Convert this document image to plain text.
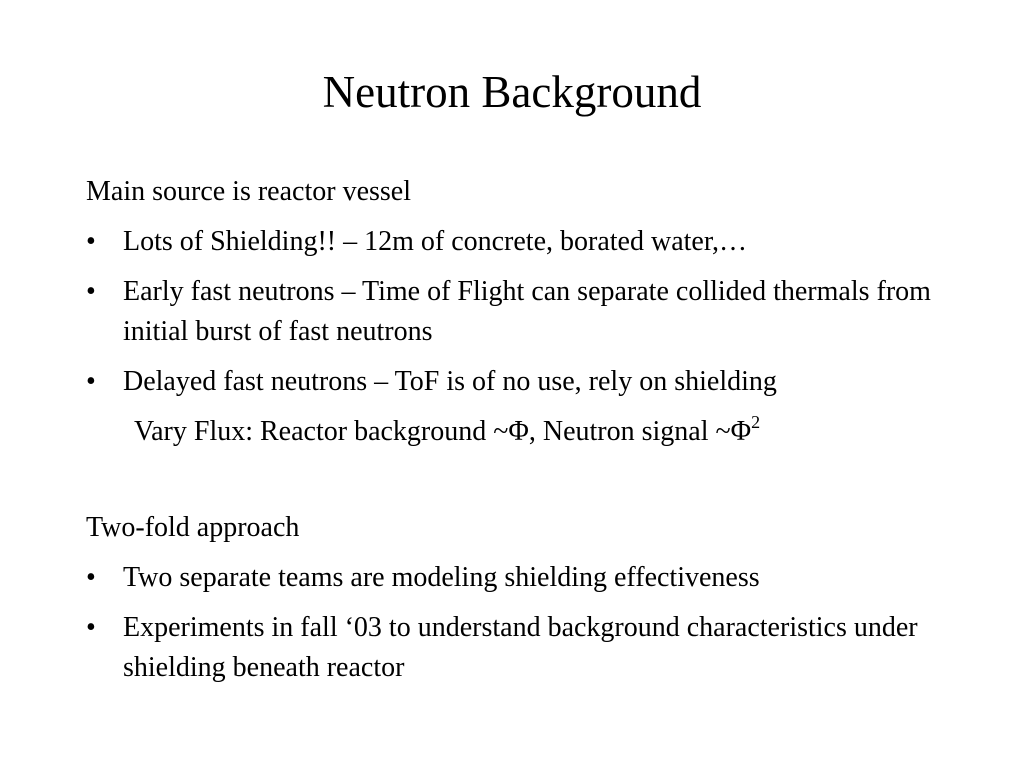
Neutron Background
Main source is reactor vessel
• Lots of Shielding!! – 12m of concrete, borated water,…
• Early fast neutrons – Time of Flight can separate collided thermals from initial burst of fast neutrons
• Delayed fast neutrons – ToF is of no use, rely on shielding
Vary Flux: Reactor background ~Φ, Neutron signal $\sim\Phi^2$
Two-fold approach
• Two separate teams are modeling shielding effectiveness
• Experiments in fall ‘03 to understand background characteristics under shielding beneath reactor
